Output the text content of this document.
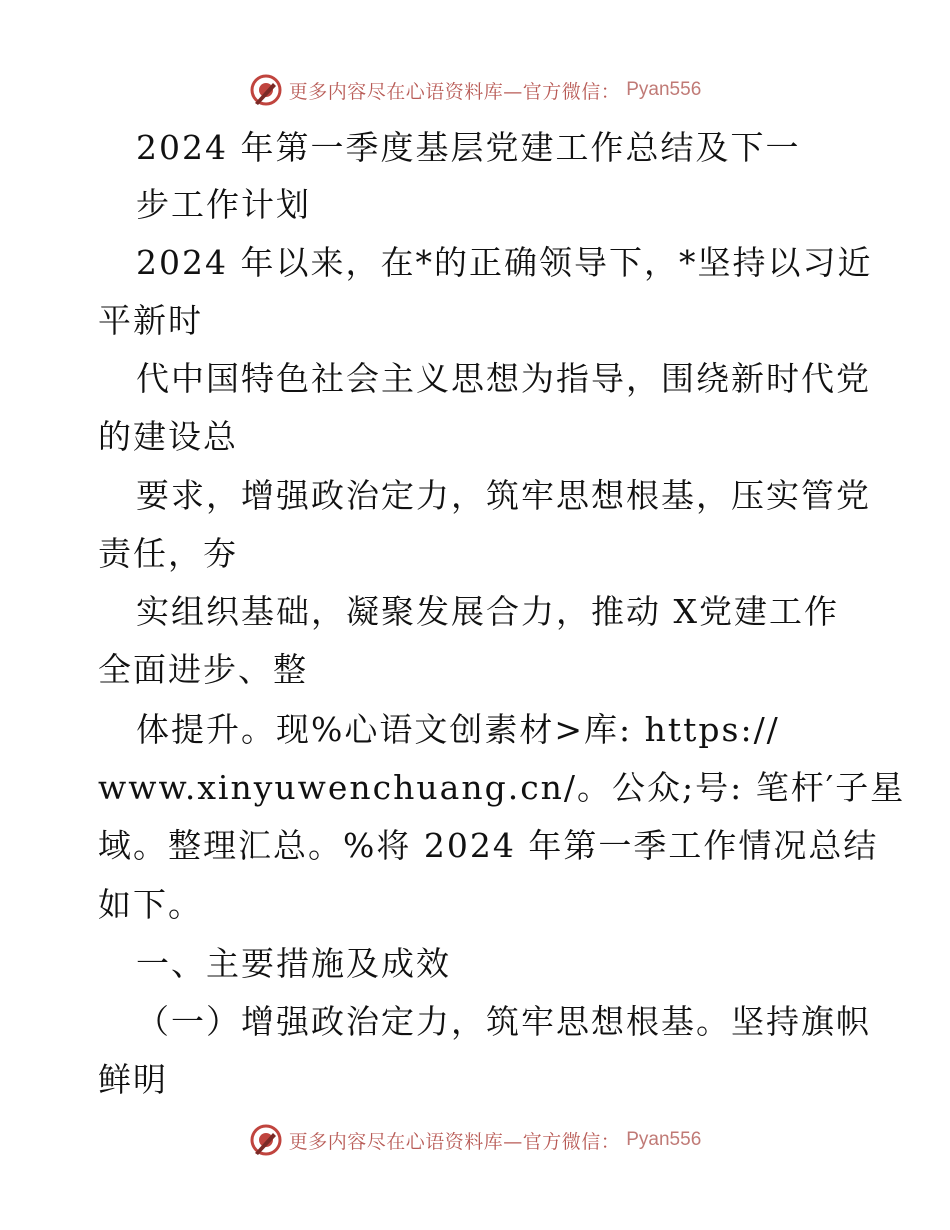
更多内容尽在心语资料库—官方微信： Pyan556
2024 年第一季度基层党建工作总结及下一
步工作计划
2024 年以来，在*的正确领导下，*坚持以习近
平新时
代中国特色社会主义思想为指导，围绕新时代党
的建设总
要求，增强政治定力，筑牢思想根基，压实管党
责任，夯
实组织基础，凝聚发展合力，推动 X党建工作
全面进步、整
体提升。现%心语文创素材>库: https://
www.xinyuwenchuang.cn/。公众;号: 笔杆′子星
域。整理汇总。%将 2024 年第一季工作情况总结
如下。
一、主要措施及成效
（一）增强政治定力，筑牢思想根基。坚持旗帜
鲜明
更多内容尽在心语资料库—官方微信： Pyan556
